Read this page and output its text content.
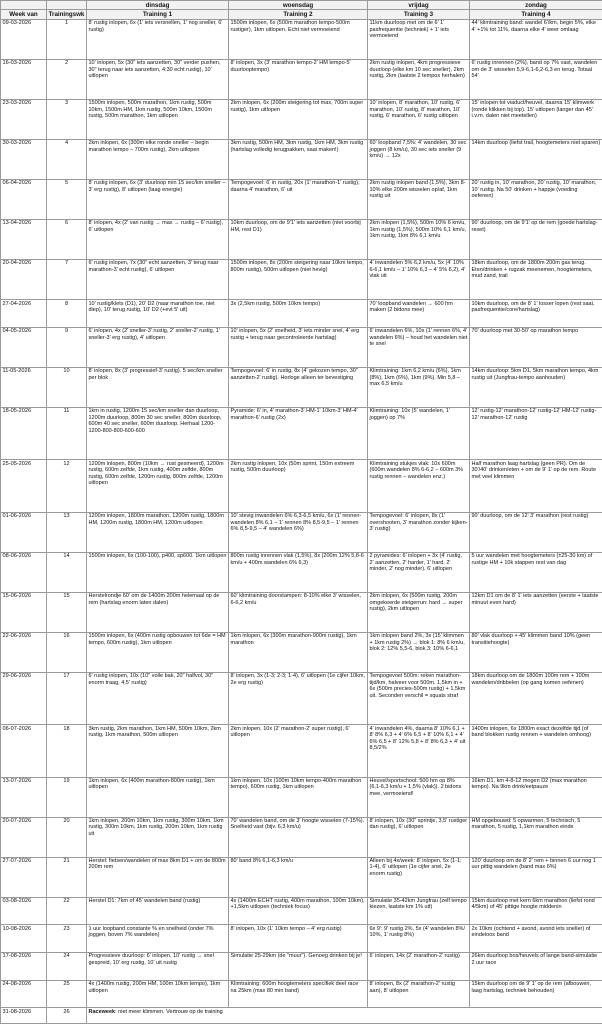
		dinsdag	woensdag	vrijdag	zondag
Week van	Trainingswk	Training 1	Training 2	Training 3	Training 4
09-03-2026	1	8' rustig inlopen, 6x (1' iets versnellen, 1' nog sneller, 6' rustig)	1500m inlopen, 6x (500m marathon tempo-500m rustiger), 1km uitlopen. Echt niet vermoeiend	11km duurloop met om de 6' 1' pasfrequentie (techniek) + 1' iets vermoeiend	44' klimtraining band: wandel 6'/km, begin 5%, elke 4' +1% tot 11%, daarna elke 4' weer omlaag
16-03-2026	2	10' inlopen, 5x (30" iets aanzetten, 30" verder pushen, 30" terug naar iets aanzetten, 4:30 echt rustig), 10' uitlopen	8' inlopen, 3x (3' marathon tempo-2' HM tempo-5' duurlooptempo)	2km rustig inlopen, 4km progressieve duurloop (elke km 10 sec sneller), 2km rustig, 2km (laatste 2 tempos herhalen)	6' rustig inrennen (2%), band op 7% vast, wandelen om de 3' wisselen 5,9-6,1-6,2-6,3 en terug. Totaal 54'
23-03-2026	3	1500m inlopen, 500m marathon, 1km rustig, 500m 10km, 1500m HM, 1km rustig, 500m 10km, 1500m rustig, 500m marathon, 1km uitlopen	2km inlopen, 6x (200m steigering tot max, 700m super rustig), 1km uitlopen	10' inlopen, 8' marathon, 10' rustig, 6' marathon, 10' rustig, 8' marathon, 10' rustig, 6' marathon, 6' rustig uitlopen	15' inlopen tot viaduct/heuvel, daarna 15' klimwerk (ronde klikken bij top). 15' uitlopen (langer dan 45' i.v.m. dalen niet meetellen)
30-03-2026	4	2km inlopen, 6x (300m elke ronde sneller – begin marathon tempo – 700m rustig), 2km uitlopen	3km rustig, 500m HM, 3km rustig, 1km HM, 3km rustig (hartslag volledig terugpakken, saai maken!)	60' loopband 7,5%: 4' wandelen, 30 sec joggen (8 km/u), 30 sec iets sneller (9 km/u) → 12x	14km duurloop (liefst trail, hoogtemeters niet sparen)
06-04-2026	5	8' rustig inlopen, 6x (3' duurloop min 15 sec/km sneller – 3' erg rustig), 8' uitlopen (laag energie)	Tempogevoel: 6' in rustig, 20x (1' marathon-1' rustig), daarna 4' marathon, 6' uit	2km rustig inlopen band (1,5%), 3km 8-10% elke 200m wisselen op/af, 1km rustig uit	20' rustig in, 10' marathon, 20' rustig, 10' marathon, 10' rustig. Na 50' drinken + happje (voeding oefenen)
13-04-2026	6	8' inlopen, 4x (2' van rustig → max → rustig – 6' rustig), 6' uitlopen	10km duurloop, om de 9'1' iets aanzetten (niet voorbij HM, rest D1)	2km inlopen (1,5%), 500m 10% 6 km/u, 1km rustig (1,5%), 500m 10% 6,1 km/u, 1km rustig, 1km 8% 6,1 km/u	90' duurloop, om de 9'1' op de rem (goede hartslag-reset)
20-04-2026	7	6' rustig inlopen, 7x (30" echt aanzetten, 3' terug naar marathon-3' echt rustig), 6' uitlopen	1500m inlopen, 8x (200m steigering naar 10km tempo, 800m rustig), 500m uitlopen (niet hevig)	4' inwandelen 5% 6,2 km/u, 5x (4' 10% 6-6,1 km/u – 1' 10% 6,3 – 4' 5% 6,2), 4' vlak uit	18km duurloop, om de 1800m 200m gas terug. Eten/drinken + rugzak meenemen, hoogtemeters, mud zand, trail
27-04-2026	8	10' rustig/klets (D1), 20' D2 (naar marathon toe, niet diep), 10' terug rustig, 10' D2 (+evt 5' uit)	3x (2,5km rustig, 500m 10km tempo)	70' loopband wandelen → 600 hm maken (2 bidons mee)	10km duurloop, om de 8' 1' losser lopen (rest saai, pasfrequentie/core/hartslag)
04-05-2026	9	6' inlopen, 4x (2' sneller-3' rustig, 2' sneller-2' rustig, 1' sneller-3' erg rustig), 4' uitlopen	10' inlopen, 5x (2' snelheid, 3' iets minder snel, 4' erg rustig + terug naar gecontroleerde hartslag)	6' inwandelen 6%, 10x (1' rennen 6%, 4' wandelen 6%) – houd het wandelen niet te snel	70' duurloop met 30-50' op marathon tempo
11-05-2026	10	8' inlopen, 8x (3' progressief-3' rustig). 5 sec/km sneller per blok	Tempogevoel: 6' in rustig, 8x (4' gekozen tempo, 30" aanzetten-2' rustig). Horloge alleen ter bevestiging	Klimtraining: 1km 6,2 km/u (6%), 1km (8%), 1km (6%), 1km (9%). Min 5,8 – max 6,5 km/u	14km duurloop: 5km D1, 5km marathon tempo, 4km rustig uit (Jungfrau-tempo aanhouden)
18-05-2026	11	1km in rustig, 1200m 15 sec/km sneller dan duurloop, 1200m duurloop, 800m 30 sec sneller, 800m duurloop, 600m 40 sec sneller, 600m duurloop. Herhaal 1200-1200-800-800-600-600	Pyramide: 6' in, 4' marathon-3' HM-1' 10km-3' HM-4' marathon-6' rustig (2x)	Klimtraining: 10x (5' wandelen, 1' joggen) op 7%	12' rustig-12' marathon-12' rustig-12' HM-12' rustig-12' marathon-12' rustig
25-05-2026	12	1200m inlopen, 800m (10km → rust gesmeerd), 1200m rustig, 600m zelfde, 1km rustig, 400m zelfde, 800m rustig, 600m zelfde, 1200m rustig, 800m zelfde, 1200m uitlopen	2km rustig inlopen, 10x (50m sprint, 150m extreem rustig, 500m duurloop)	Klimtraining stukjes vlak: 10x 600m (600m wandelen 8% 6-6,2 – 600m 3% rustig rennen – wandelen enz.)	Half marathon laag hartslag (geen PR). Om de 30'/40' drinken/eten + om de 9' 1' op de rem. Route met veel klimmen
01-06-2026	13	1200m inlopen, 1800m marathon, 1200m rustig, 1800m HM, 1200m rustig, 1800m HM, 1200m uitlopen	10' stevig inwandelen 6% 6,3-6,5 km/u, 6x (1' rennen-wandelen 8% 6,1 – 1' rennen 8% 8,5-9,5 – 1' rennen 6% 8,5-9,5 – 4' wandelen 6%)	Tempogevoel: 6' inlopen, 8x (1' overshooten, 3' marathon zonder kijken-3' rustig)	90' duurloop, om de 12' 3' marathon (rest rustig)
08-06-2026	14	1500m inlopen, 6x (100-100), p400, sp600. 1km uitlopen	800m rustig inrennen vlak (1,5%), 8x (200m 12% 5,8-6 km/u + 400m wandelen 6% 6,3)	2 pyramides: 6' inlopen + 3x (4' rustig, 2' aanzetten, 2' harder, 1' hard, 2' minder, 2' nog minder). 6' uitlopen	5 uur wandelen met hoogtemeters (±25-30 km) of rustige HM + 10k stappen rest van dag
15-06-2026	15	Herstelrondje 60' om de 1400m 200m helemaal op de rem (hartslag enorm laten dalen)	60' klimtraining doorstampen: 8-10% elke 3' wisselen, 6-6,2 km/u	2km inlopen, 6x (500m rustig, 200m omgekeerde steigerrun: hard → super rustig), 2km uitlopen	12km D1 om de 8' 1' iets aanzetten (eerste + laatste minuut even hard)
22-06-2026	16	1500m inlopen, 6x (400m rustig opbouwen tot 6de = HM tempo, 600m rustig), 1km uitlopen	1km inlopen, 6x (300m marathon-900m rustig), 1km marathon	1km inlopen band 2%, 3x (15' klimmen + 1km rustig 2%) → blok 1: 8% 6 km/u, blok 2: 12% 5,5-6, blok 3: 10% 6-6,1	80' vlak duurloop + 45' klimmen band 10% (geen transitiehoogte)
29-06-2026	17	6' rustig inlopen, 10x (10" volle bak, 20" halfvol, 30" enorm traag, 4,5' rustig)	8' inlopen, 3x (1-3; 2-3; 1-4), 6' uitlopen (1e cijfer 10km, 2e erg rustig)	Tempogevoel 500m: reken marathon-tijd/km, halveer voor 500m. 1,5km in + 6x (500m precies-500m rustig) + 1,5km uit. Seconden verschil = squats straf	18km duurloop om de 1800m 100m rem + 100m wandelen/dribbelen (op gang komen oefenen)
06-07-2026	18	3km rustig, 2km marathon, 1km HM, 500m 10km, 2km rustig, 1km marathon, 500m uitlopen	2km inlopen, 10x (2' marathon-2' super rustig), 6' uitlopen	4' inwandelen 4%, daarna 8' 10% 6,1 + 8' 8% 6,3 + 4' 6% 6,5 + 8' 10% 6,1 + 4' 6% 6,5 + 8' 12% 5,8 + 8' 8% 6,3 + 4' uit 8,5/2%	1400m inlopen, 6x 1800m exact dezelfde tijd (of band blokken rustig rennen + wandelen omhoog)
13-07-2026	19	1km inlopen, 6x (400m marathon-800m rustig), 1km uitlopen	1km inlopen, 10x (100m 10km tempo-400m marathon tempo), 600m rustig, 1km uitlopen	Heuvel/sportschool: 500 hm op 8% (6,1-6,3 km/u + 1,5% (vlak)). 2 bidons mee, vermoeiend!	16km D1, km 4-8-12 mogen D2 (max marathon tempo). Na 9km drink/eetpauze
20-07-2026	20	1km inlopen, 200m 10km, 1km rustig, 300m 10km, 1km rustig, 300m 10km, 1km rustig, 200m 10km, 1km rustig uit	70' wandelen band, om de 3' hoogte wisselen (7-15%). Snelheid vast (bijv. 6,3 km/u)	8' inlopen, 10x (30" sprintje, 3,5' rustiger dan rustig), 6' uitlopen	HM opgebouwd: 5 opwarmen, 5 technisch, 5 marathon, 5 rustig, 1,1km marathon einde
27-07-2026	21	Herstel: fietsen/wandelen of max 8km D1 + om de 800m 200m rem	80' band 8% 6,1-6,3 km/u	Alleen bij 4x/week: 8' inlopen, 5x (1-1; 1-4), 6' uitlopen (1e cijfer snel, 2e enorm rustig)	120' duurloop om de 8' 2' rem + binnen 6 uur nog 1 uur pittig wandelen (band max 6%)
03-08-2026	22	Herstel D1: 7km of 45' wandelen band (rustig)	4x (1400m ECHT rustig, 400m marathon, 100m 10km), +1,5km uitlopen (techniek focus)	Simulatie 35-42km Jungfrau (zelf tempo kiezen, laatste km 1% uit)	15km duurloop met kern 6km marathon (liefst rond 4/5km) of 45' pittige hoogte middenin
10-08-2026	23	1 uur loopband constante % en snelheid (onder 7% joggen, boven 7% wandelen)	8' inlopen, 10x (1' 10km tempo – 4' erg rustig)	6x 9': 9' rustig 2%, 5x (4' wandelen 8%/ 10%, 1' rustig 8%)	2x 10km (ochtend + avond, avond iets sneller) of eindeloos band
17-08-2026	24	Progressieve duurloop: 6' inlopen, 10' rustig → snel gespreid, 10' erg rustig, 10' uit rustig	Simulatie 25-29km (de "muur"). Genoeg drinken bij je!	6' inlopen, 14x (2' marathon-2' rustig)	26km duurloop bos/heuvels of lange band-simulatie 2 uur race
24-08-2026	25	4x (1400m rustig, 200m HM, 100m 10km tempo), 1km uitlopen	Klimtraining: 600m hoogtemeters specifiek deel race na 25km (max 80 min band)	8' inlopen, 8x (2' marathon-2' rustig aan), 8' uitlopen	15km duurloop om de 9' 1' op de rem (afbouwen, laag hartslag, techniek behouden)
31-08-2026	26	Raceweek: niet meer klimmen. Vertrouw op de training			
